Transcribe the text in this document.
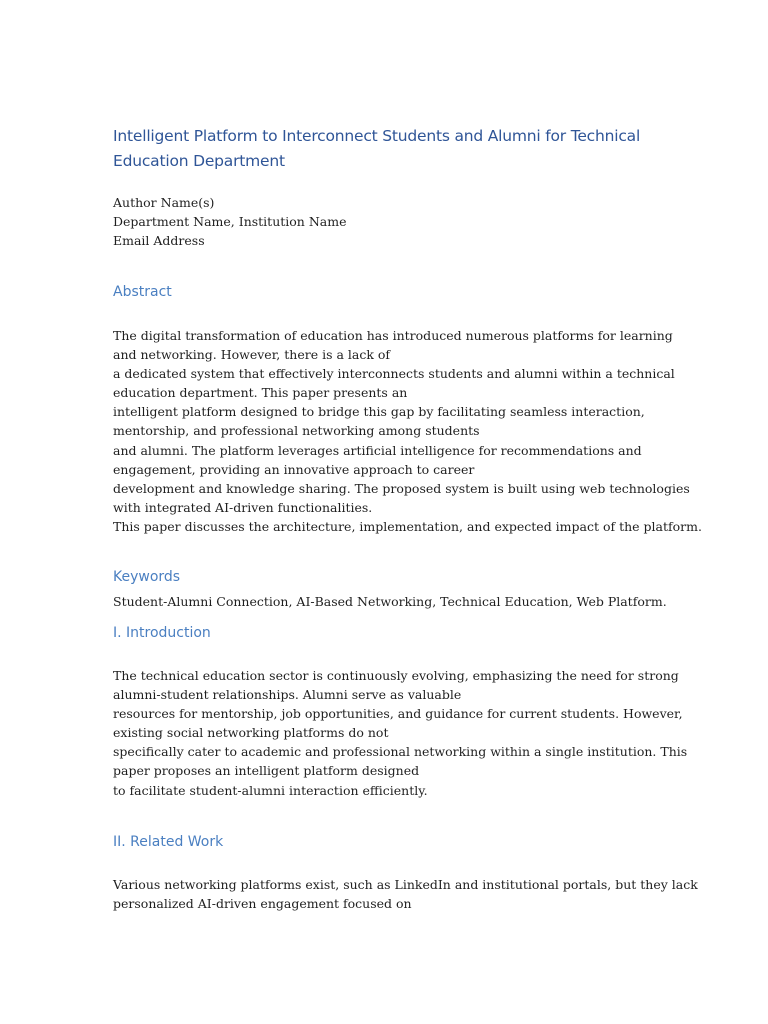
Intelligent Platform to Interconnect Students and Alumni for Technical
Education Department
Author Name(s)
Department Name, Institution Name
Email Address
Abstract
The digital transformation of education has introduced numerous platforms for learning
and networking. However, there is a lack of
a dedicated system that effectively interconnects students and alumni within a technical
education department. This paper presents an
intelligent platform designed to bridge this gap by facilitating seamless interaction,
mentorship, and professional networking among students
and alumni. The platform leverages artificial intelligence for recommendations and
engagement, providing an innovative approach to career
development and knowledge sharing. The proposed system is built using web technologies
with integrated AI-driven functionalities.
This paper discusses the architecture, implementation, and expected impact of the platform.
Keywords
Student-Alumni Connection, AI-Based Networking, Technical Education, Web Platform.
I. Introduction
The technical education sector is continuously evolving, emphasizing the need for strong
alumni-student relationships. Alumni serve as valuable
resources for mentorship, job opportunities, and guidance for current students. However,
existing social networking platforms do not
specifically cater to academic and professional networking within a single institution. This
paper proposes an intelligent platform designed
to facilitate student-alumni interaction efficiently.
II. Related Work
Various networking platforms exist, such as LinkedIn and institutional portals, but they lack
personalized AI-driven engagement focused on
